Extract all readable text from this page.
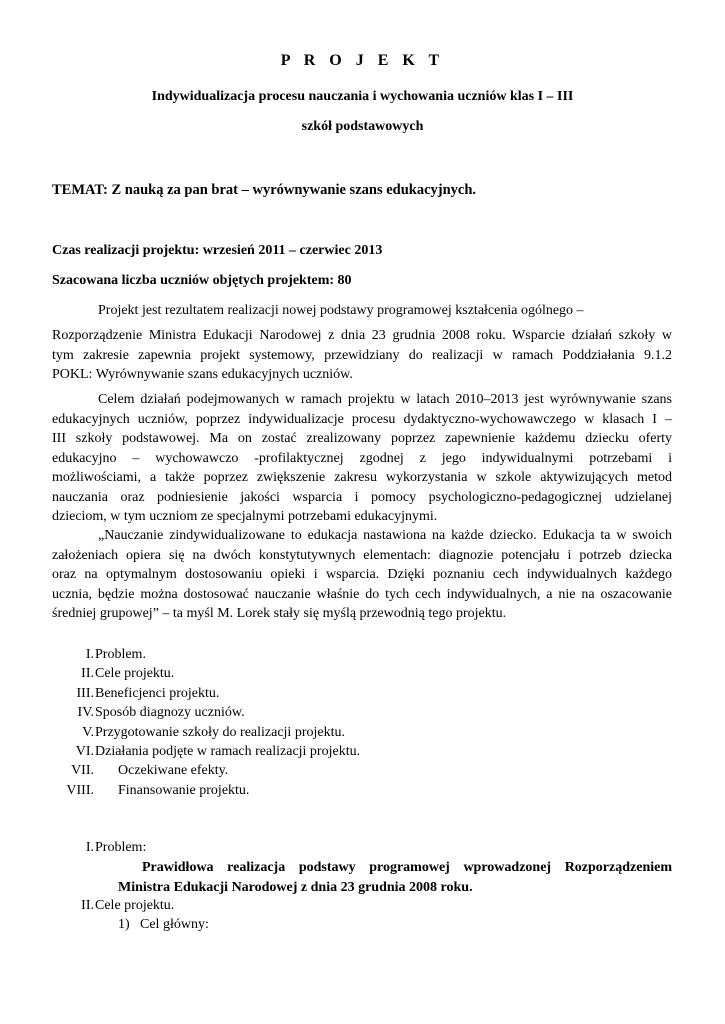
P R O J E K T
Indywidualizacja procesu nauczania i wychowania uczniów klas I – III
szkół podstawowych
TEMAT: Z nauką za pan brat – wyrównywanie szans edukacyjnych.
Czas realizacji projektu: wrzesień 2011 – czerwiec 2013
Szacowana liczba uczniów objętych projektem: 80
Projekt jest rezultatem realizacji nowej podstawy programowej kształcenia ogólnego –
Rozporządzenie Ministra Edukacji Narodowej z dnia 23 grudnia 2008 roku. Wsparcie działań szkoły w
tym zakresie zapewnia projekt systemowy, przewidziany do realizacji w ramach Poddziałania 9.1.2
POKL: Wyrównywanie szans edukacyjnych uczniów.
Celem działań podejmowanych w ramach projektu w latach 2010–2013 jest wyrównywanie szans
edukacyjnych uczniów, poprzez indywidualizacje procesu dydaktyczno-wychowawczego w klasach I –
III szkoły podstawowej. Ma on zostać zrealizowany poprzez zapewnienie każdemu dziecku oferty
edukacyjno – wychowawczo -profilaktycznej zgodnej z jego indywidualnymi potrzebami i
możliwościami, a także poprzez zwiększenie zakresu wykorzystania w szkole aktywizujących metod
nauczania oraz podniesienie jakości wsparcia i pomocy psychologiczno-pedagogicznej udzielanej
dzieciom, w tym uczniom ze specjalnymi potrzebami edukacyjnymi.
„Nauczanie zindywidualizowane to edukacja nastawiona na każde dziecko. Edukacja ta w swoich
założeniach opiera się na dwóch konstytutywnych elementach: diagnozie potencjału i potrzeb dziecka
oraz na optymalnym dostosowaniu opieki i wsparcia. Dzięki poznaniu cech indywidualnych każdego
ucznia, będzie można dostosować nauczanie właśnie do tych cech indywidualnych, a nie na oszacowanie
średniej grupowej” – ta myśl M. Lorek stały się myślą przewodnią tego projektu.
I. Problem.
II. Cele projektu.
III. Beneficjenci projektu.
IV. Sposób diagnozy uczniów.
V. Przygotowanie szkoły do realizacji projektu.
VI. Działania podjęte w ramach realizacji projektu.
VII. Oczekiwane efekty.
VIII. Finansowanie projektu.
I. Problem:
Prawidłowa realizacja podstawy programowej wprowadzonej Rozporządzeniem
Ministra Edukacji Narodowej z dnia 23 grudnia 2008 roku.
II. Cele projektu.
1) Cel główny:
